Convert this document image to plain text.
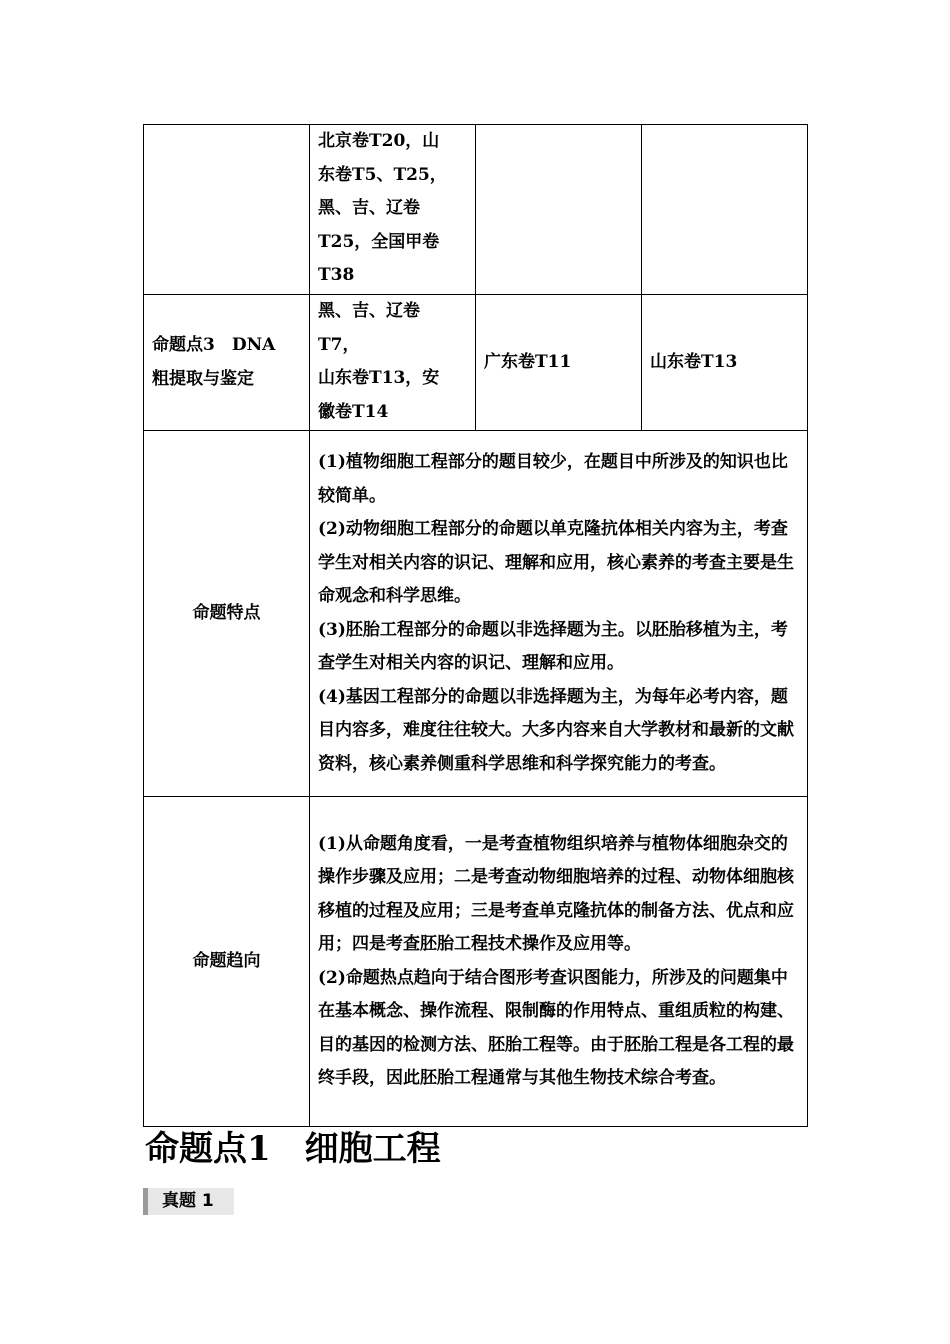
	北京卷T20，山
东卷T5、T25，
黑、吉、辽卷
T25，全国甲卷
T38		

命题点3　DNA
粗提取与鉴定	黑、吉、辽卷
T7，
山东卷T13，安
徽卷T14	广东卷T11	山东卷T13
命题特点	(1)植物细胞工程部分的题目较少，在题目中所涉及的知识也比较简单。
(2)动物细胞工程部分的命题以单克隆抗体相关内容为主，考查学生对相关内容的识记、理解和应用，核心素养的考查主要是生命观念和科学思维。
(3)胚胎工程部分的命题以非选择题为主。以胚胎移植为主，考查学生对相关内容的识记、理解和应用。
(4)基因工程部分的命题以非选择题为主，为每年必考内容，题目内容多，难度往往较大。大多内容来自大学教材和最新的文献资料，核心素养侧重科学思维和科学探究能力的考查。		

命题趋向	(1)从命题角度看，一是考查植物组织培养与植物体细胞杂交的操作步骤及应用；二是考查动物细胞培养的过程、动物体细胞核移植的过程及应用；三是考查单克隆抗体的制备方法、优点和应用；四是考查胚胎工程技术操作及应用等。
(2)命题热点趋向于结合图形考查识图能力，所涉及的问题集中在基本概念、操作流程、限制酶的作用特点、重组质粒的构建、目的基因的检测方法、胚胎工程等。由于胚胎工程是各工程的最终手段，因此胚胎工程通常与其他生物技术综合考查。		
命题点1　细胞工程
真题 1
